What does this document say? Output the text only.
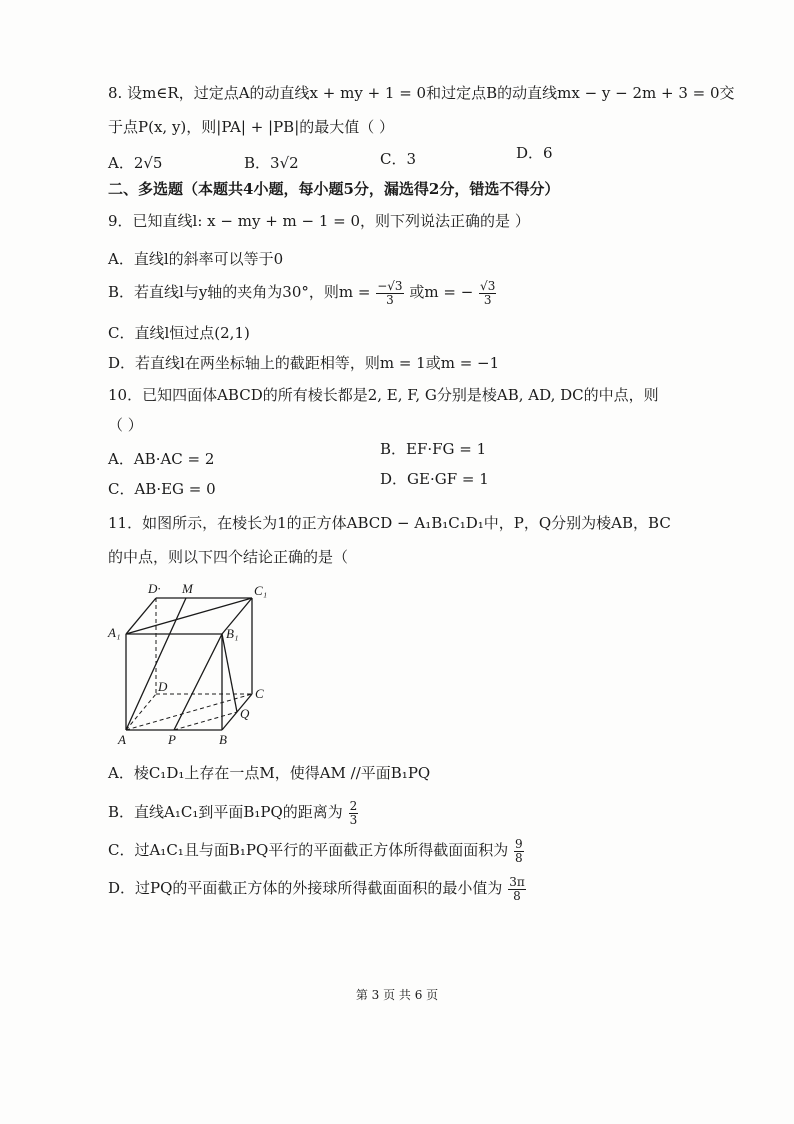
8. 设m∈R，过定点A的动直线x + my + 1 = 0和过定点B的动直线mx − y − 2m + 3 = 0交
于点P(x, y)，则|PA| + |PB|的最大值（ ）
A．2√5	B．3√2	C．3	D．6
二、多选题（本题共4小题，每小题5分，漏选得2分，错选不得分）
9．已知直线l: x − my + m − 1 = 0，则下列说法正确的是 ）
A．直线l的斜率可以等于0
B．若直线l与y轴的夹角为30°，则$m = \frac{-√3}{3}$ 或m = − $\frac{√3}{3}$
C．直线l恒过点(2,1)
D．若直线l在两坐标轴上的截距相等，则m = 1或m = −1
10．已知四面体ABCD的所有棱长都是2, E, F, G分别是棱AB, AD, DC的中点，则
（ ）
A．AB·AC = 2
B．EF·FG = 1
C．AB·EG = 0
D．GE·GF = 1
11．如图所示，在棱长为1的正方体ABCD − A₁B₁C₁D₁中，P，Q分别为棱AB，BC
的中点，则以下四个结论正确的是（
D· M	C₁
A₁	B₁
D	C
Q
A	P	B
A．棱C₁D₁上存在一点M，使得AM //平面B₁PQ
B．直线A₁C₁到平面B₁PQ的距离为 $\frac{2}{3}$
C．过A₁C₁且与面B₁PQ平行的平面截正方体所得截面面积为 $\frac{9}{8}$
D．过PQ的平面截正方体的外接球所得截面面积的最小值为 $\frac{3\pi}{8}$
第 3 页 共 6 页
